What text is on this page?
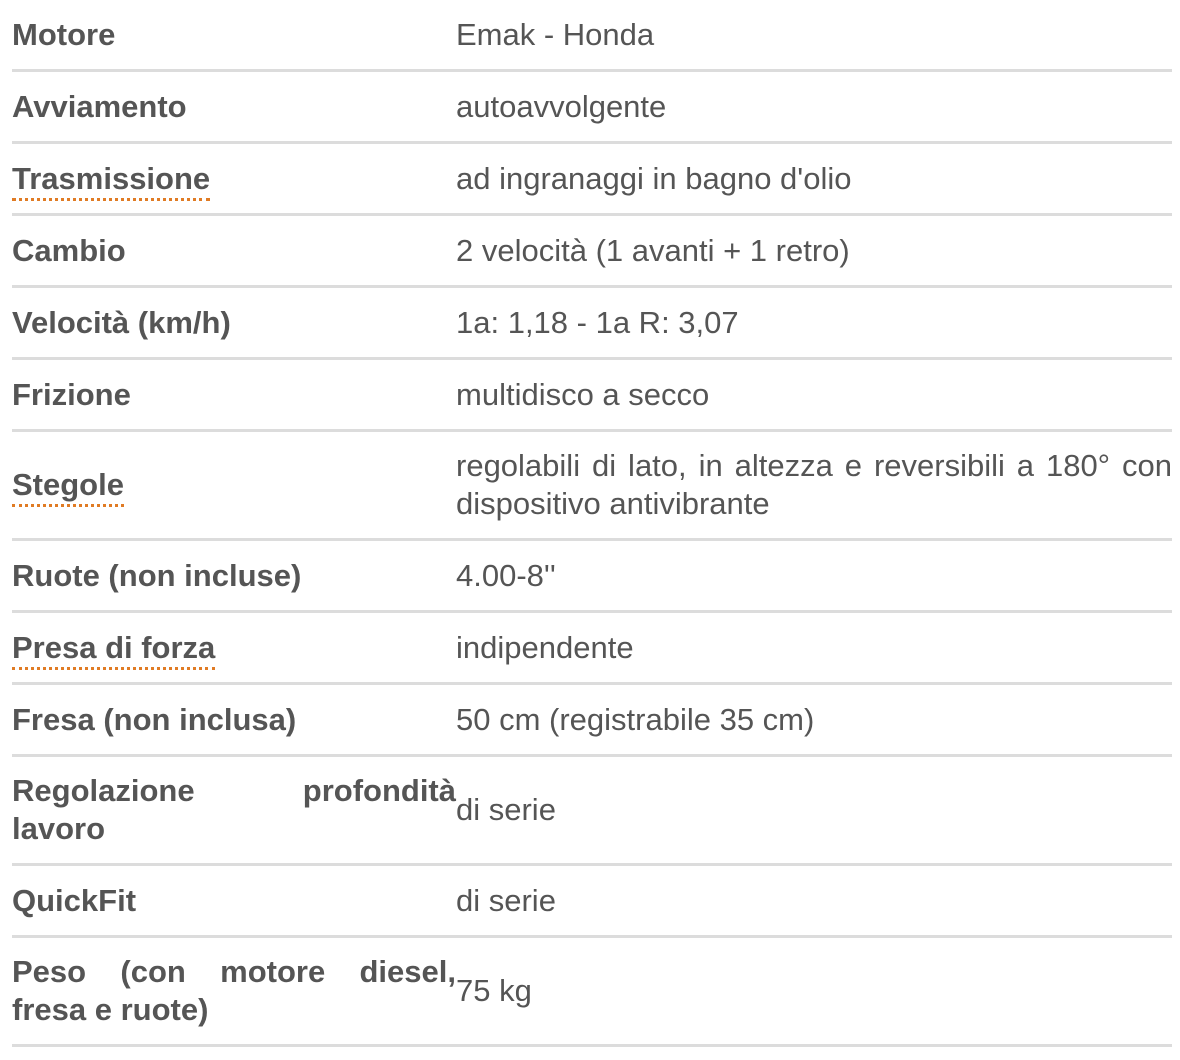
Motore	Emak - Honda
Avviamento	autoavvolgente
Trasmissione	ad ingranaggi in bagno d'olio
Cambio	2 velocità (1 avanti + 1 retro)
Velocità (km/h)	1a: 1,18 - 1a R: 3,07
Frizione	multidisco a secco
Stegole	regolabili di lato, in altezza e reversibili a 180° con dispositivo antivibrante
Ruote (non incluse)	4.00-8''
Presa di forza	indipendente
Fresa (non inclusa)	50 cm (registrabile 35 cm)
Regolazione profondità lavoro	di serie
QuickFit	di serie
Peso (con motore diesel, fresa e ruote)	75 kg
